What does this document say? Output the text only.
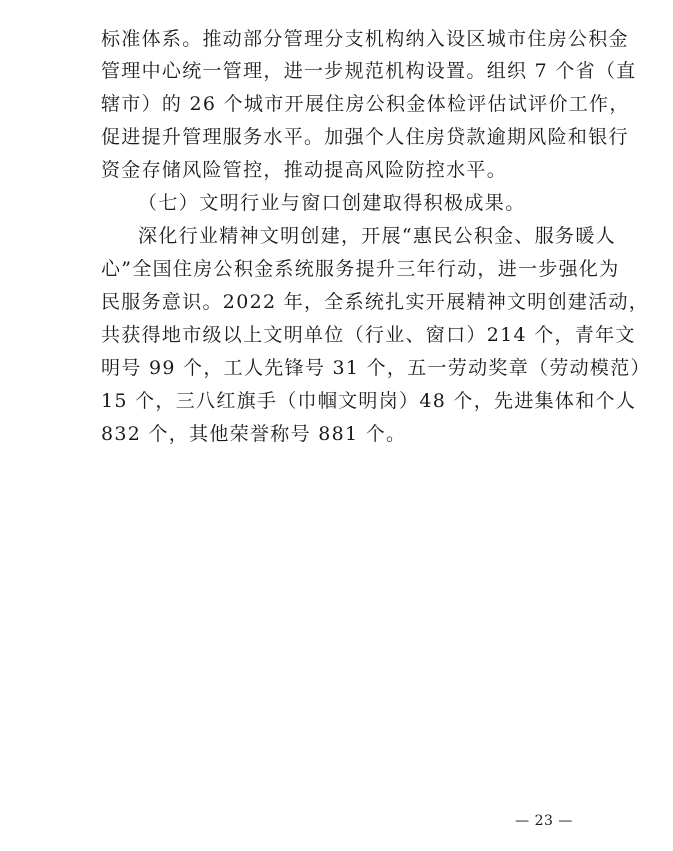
标准体系。推动部分管理分支机构纳入设区城市住房公积金
管理中心统一管理，进一步规范机构设置。组织 7 个省（直
辖市）的 26 个城市开展住房公积金体检评估试评价工作，
促进提升管理服务水平。加强个人住房贷款逾期风险和银行
资金存储风险管控，推动提高风险防控水平。
（七）文明行业与窗口创建取得积极成果。
深化行业精神文明创建，开展“惠民公积金、服务暖人
心”全国住房公积金系统服务提升三年行动，进一步强化为
民服务意识。2022 年，全系统扎实开展精神文明创建活动，
共获得地市级以上文明单位（行业、窗口）214 个，青年文
明号 99 个，工人先锋号 31 个，五一劳动奖章（劳动模范）
15 个，三八红旗手（巾帼文明岗）48 个，先进集体和个人
832 个，其他荣誉称号 881 个。
— 23 —
